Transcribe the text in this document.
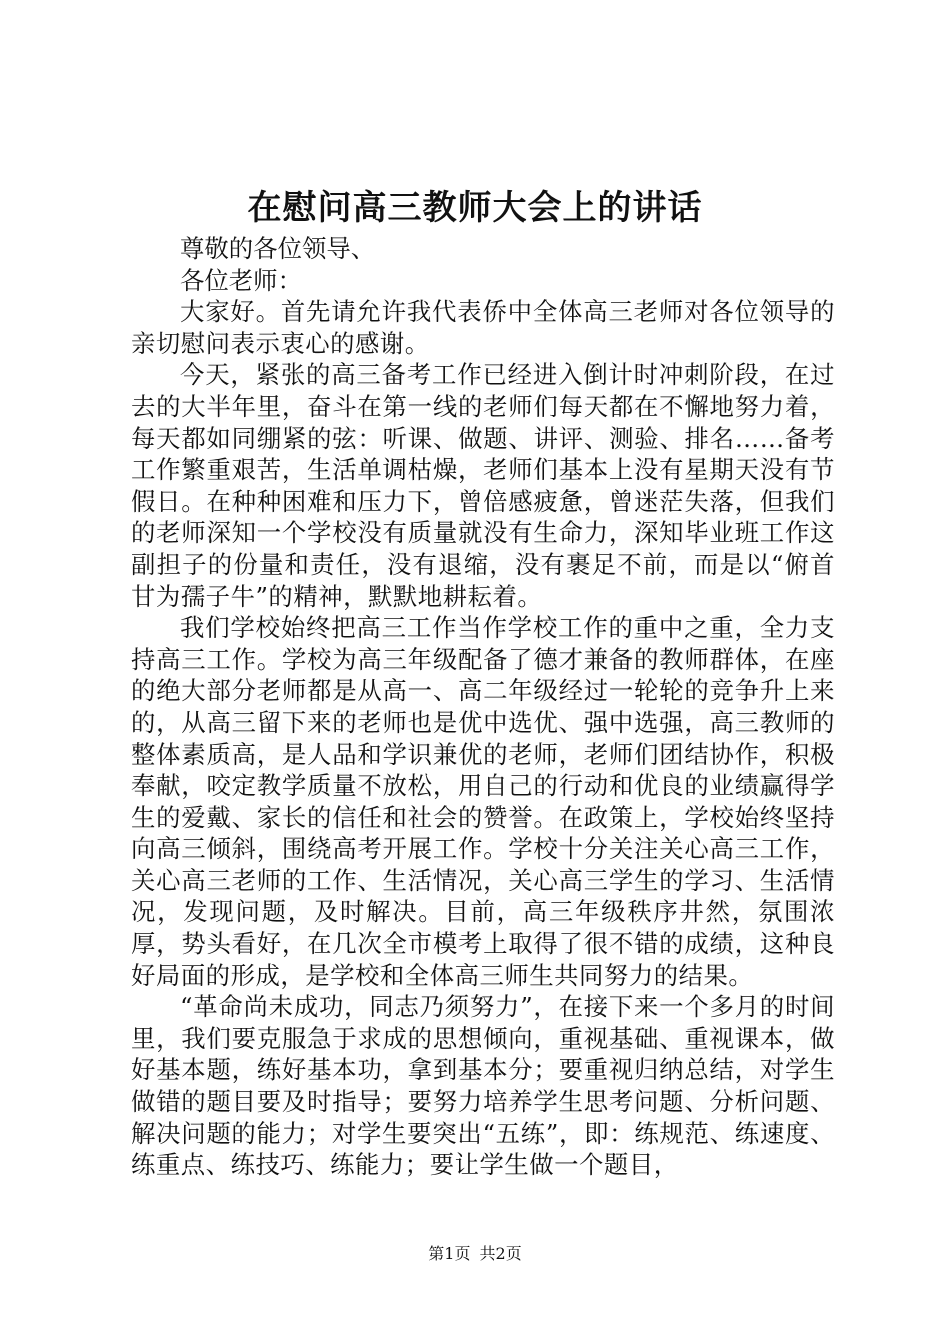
在慰问高三教师大会上的讲话

尊敬的各位领导、

各位老师：

大家好。首先请允许我代表侨中全体高三老师对各位领导的亲切慰问表示衷心的感谢。

今天，紧张的高三备考工作已经进入倒计时冲刺阶段，在过去的大半年里，奋斗在第一线的老师们每天都在不懈地努力着，每天都如同绷紧的弦：听课、做题、讲评、测验、排名……备考工作繁重艰苦，生活单调枯燥，老师们基本上没有星期天没有节假日。在种种困难和压力下，曾倍感疲惫，曾迷茫失落，但我们的老师深知一个学校没有质量就没有生命力，深知毕业班工作这副担子的份量和责任，没有退缩，没有裹足不前，而是以“俯首甘为孺子牛”的精神，默默地耕耘着。

我们学校始终把高三工作当作学校工作的重中之重，全力支持高三工作。学校为高三年级配备了德才兼备的教师群体，在座的绝大部分老师都是从高一、高二年级经过一轮轮的竞争升上来的，从高三留下来的老师也是优中选优、强中选强，高三教师的整体素质高，是人品和学识兼优的老师，老师们团结协作，积极奉献，咬定教学质量不放松，用自己的行动和优良的业绩赢得学生的爱戴、家长的信任和社会的赞誉。在政策上，学校始终坚持向高三倾斜，围绕高考开展工作。学校十分关注关心高三工作，关心高三老师的工作、生活情况，关心高三学生的学习、生活情况，发现问题，及时解决。目前，高三年级秩序井然，氛围浓厚，势头看好，在几次全市模考上取得了很不错的成绩，这种良好局面的形成，是学校和全体高三师生共同努力的结果。

“革命尚未成功，同志乃须努力”，在接下来一个多月的时间里，我们要克服急于求成的思想倾向，重视基础、重视课本，做好基本题，练好基本功，拿到基本分；要重视归纳总结，对学生做错的题目要及时指导；要努力培养学生思考问题、分析问题、解决问题的能力；对学生要突出“五练”，即：练规范、练速度、练重点、练技巧、练能力；要让学生做一个题目，

第1页 共2页
